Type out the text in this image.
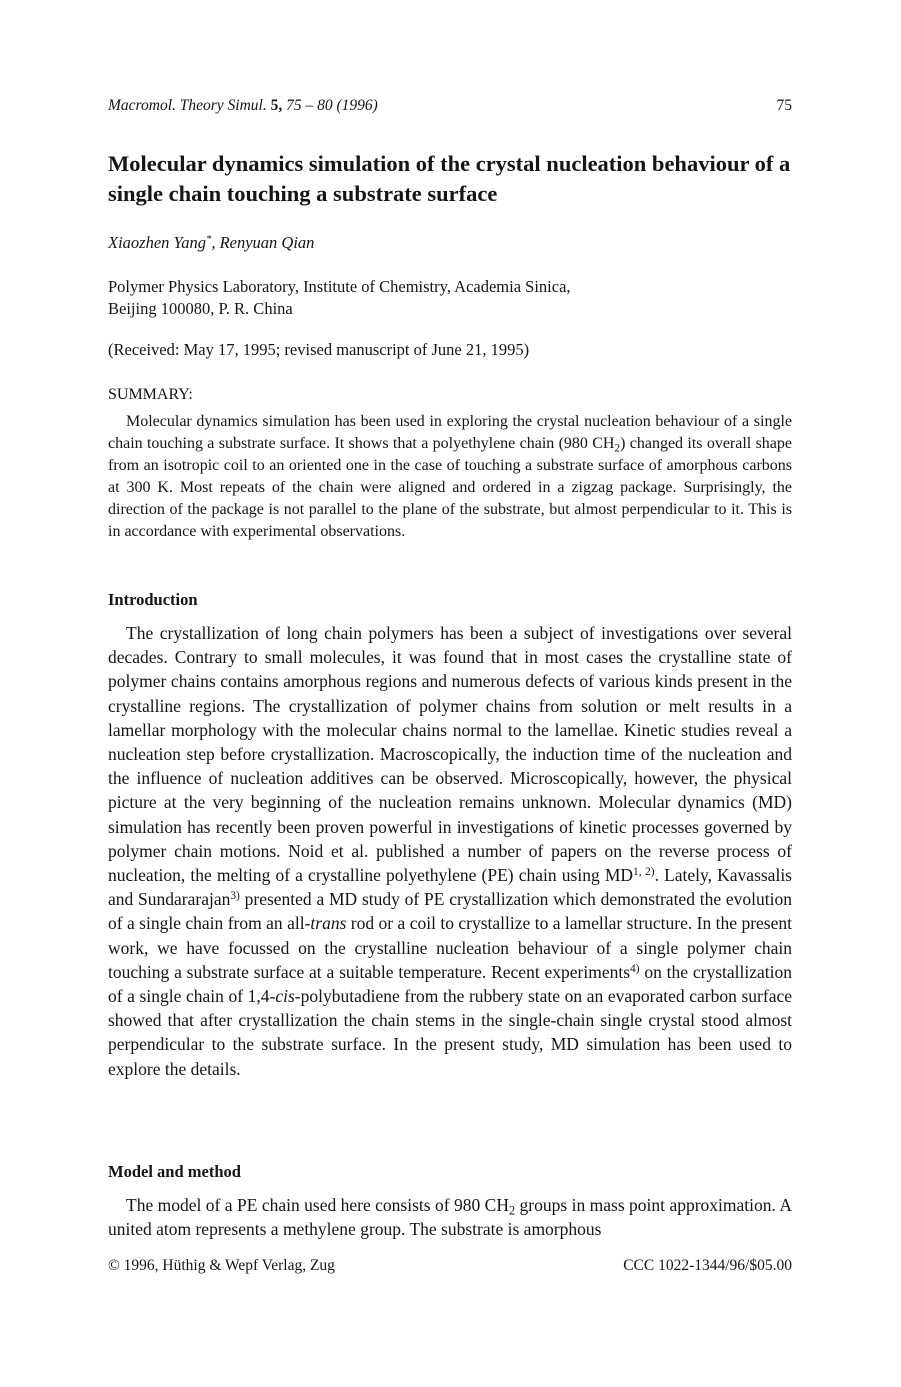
Macromol. Theory Simul. 5, 75 – 80 (1996)	75
Molecular dynamics simulation of the crystal nucleation behaviour of a single chain touching a substrate surface
Xiaozhen Yang*, Renyuan Qian
Polymer Physics Laboratory, Institute of Chemistry, Academia Sinica,
Beijing 100080, P. R. China
(Received: May 17, 1995; revised manuscript of June 21, 1995)
SUMMARY:

Molecular dynamics simulation has been used in exploring the crystal nucleation behaviour of a single chain touching a substrate surface. It shows that a polyethylene chain (980 $CH_2$) changed its overall shape from an isotropic coil to an oriented one in the case of touching a substrate surface of amorphous carbons at 300 K. Most repeats of the chain were aligned and ordered in a zigzag package. Surprisingly, the direction of the package is not parallel to the plane of the substrate, but almost perpendicular to it. This is in accordance with experimental observations.

Introduction

The crystallization of long chain polymers has been a subject of investigations over several decades. Contrary to small molecules, it was found that in most cases the crystalline state of polymer chains contains amorphous regions and numerous defects of various kinds present in the crystalline regions. The crystallization of polymer chains from solution or melt results in a lamellar morphology with the molecular chains normal to the lamellae. Kinetic studies reveal a nucleation step before crystallization. Macroscopically, the induction time of the nucleation and the influence of nucleation additives can be observed. Microscopically, however, the physical picture at the very beginning of the nucleation remains unknown. Molecular dynamics (MD) simulation has recently been proven powerful in investigations of kinetic processes governed by polymer chain motions. Noid et al. published a number of papers on the reverse process of nucleation, the melting of a crystalline polyethylene (PE) chain using MD$^{1, 2)}$. Lately, Kavassalis and Sundararajan$^{3)}$ presented a MD study of PE crystallization which demonstrated the evolution of a single chain from an all-trans rod or a coil to crystallize to a lamellar structure. In the present work, we have focussed on the crystalline nucleation behaviour of a single polymer chain touching a substrate surface at a suitable temperature. Recent experiments$^{4)}$ on the crystallization of a single chain of 1,4-cis-polybutadiene from the rubbery state on an evaporated carbon surface showed that after crystallization the chain stems in the single-chain single crystal stood almost perpendicular to the substrate surface. In the present study, MD simulation has been used to explore the details.

Model and method

The model of a PE chain used here consists of 980 $CH_2$ groups in mass point approximation. A united atom represents a methylene group. The substrate is amorphous

© 1996, Hüthig & Wepf Verlag, Zug	CCC 1022-1344/96/$05.00
